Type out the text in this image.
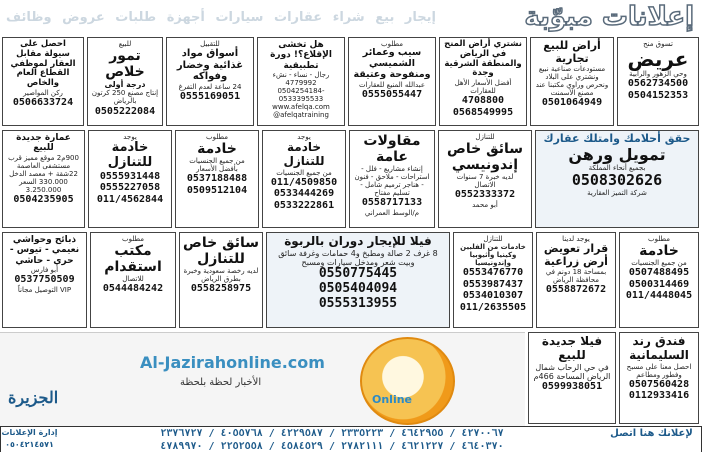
إعلانات مبوّبة
إيجار
بيع
شراء
عقارات
سيارات
أجهزة
طلبات
عروض
وظائف
تسوق منح
عريض
وحي الزهور والرابية
0562734500
0504152353
أراض للبيع تجارية
مستودعات صناعية نبيع ونشتري على البلاد ونحرص وراوي مكتبنا عند مصنع الأسمنت
0501064949
نشتري أراض المنح في الرياض والمنطقة الشرقية وجدة
أفضل الأسعار الأهل للعقارات
4708800
0568549995
مطلوب
سيب وعمائر الشميسي ومنفوحة وعتيقة
عبدالله المنيع للعقارات
0555055447
هل تخشى الإقلاع؟! دورة تطبيقية
رجال - نساء - نشء 4779992
0504254184-0533395533
www.afelqa.com
@afelqatraining
للتقبيل
أسواق مواد غذائية وخضار وفواكه
24 ساعة لعدم التفرغ
0555169051
للبيع
تمور خلاص
درجة أولى
إنتاج مصنع 250 كرتون بالرياض
0505222084
احصل على سيولة مقابل العقار لموظفي القطاع العام والخاص
ركن المواصير
0506633724
حقق أحلامك وامتلك عقارك
تمويل ورهن
بجميع أنحاء المملكة
0508302626
شركة التميز العقارية
للتنازل
سائق خاص إندونيسي
لديه خبرة 7 سنوات
الاتصال
0552333372
أبو محمد
مقاولات عامة
إنشاء مشاريع - فلل - استراحات - ملاحق - فنون - هناجر ترميم شامل - تسليم مفتاح
0558717133
م/الوسط العمراني
يوجد
خادمة للتنازل
من جميع الجنسيات
011/4509850
0533444269
0533222861
مطلوب
خادمة
من جميع الجنسيات بأفضل الأسعار
0537188488
0509512104
يوجد
خادمة للتنازل
0555931448
0555227058
011/4562844
عمارة جديدة للبيع
900م2 موقع مميز قرب مستشفى العاصمة 22شقة + معصد الدخل 330.000 السعر 3.250.000
0504235905
مطلوب
خادمة
من جميع الجنسيات
0507488495
0500314469
011/4448045
يوجد لدينا
قرار تعويض أرض زراعية
بمساحة 18 دونم في محافظة الرياض
0558872672
للتنازل
خادمات من الفلبين وكينيا وأثيوبيا وإندونيسيا
0553476770
0553987437
0534010307
011/2635505
فيلا للإيجار دوران بالربوة
8 غرف 2 صالة ومطبخ و4 حمامات وغرفة سائق وبيت شعر ومدخل سيارات ومسبح
0550775445
0505404094
0555313955
سائق خاص للتنازل
لديه رخصة سعودية وخبرة بطرق الرياض
0558258975
مطلوب
مكتب استقدام
للاتصال
0544484242
ذبائح وحواشي نعيمي - تيوس - حري - حاشي
أبو فارس
0537750509
VIP التوصيل مجاناً
فندق رند السليمانية
احصل معنا على مسبح وفطور ومطاعم
0507560428
0112933416
فيلا جديدة للبيع
في حي الرحاب شمال الرياض المساحة 466م
0599938051
Al-Jazirahonline.com
الأخبار لحظة بلحظة
Online
الجزيرة
لإعلانك هنا اتصل
٤٢٧٠٠٦٧ / ٤٦٤٢٩٥٥ / ٢٣٣٥٢٢٣ / ٤٢٢٩٥٨٧ / ٤٠٥٥٧٦٨ / ٢٣٧٦٧٢٧
٤٦٤٠٣٧٠ / ٤٦٢١٢٢٧ / ٢٧٨٢١١١ / ٤٥٨٤٥٢٩ / ٢٢٥٢٥٥٨ / ٤٧٨٩٩٧٠
إدارة الإعلانات
٠٥٠٤٢١٤٥٧١
